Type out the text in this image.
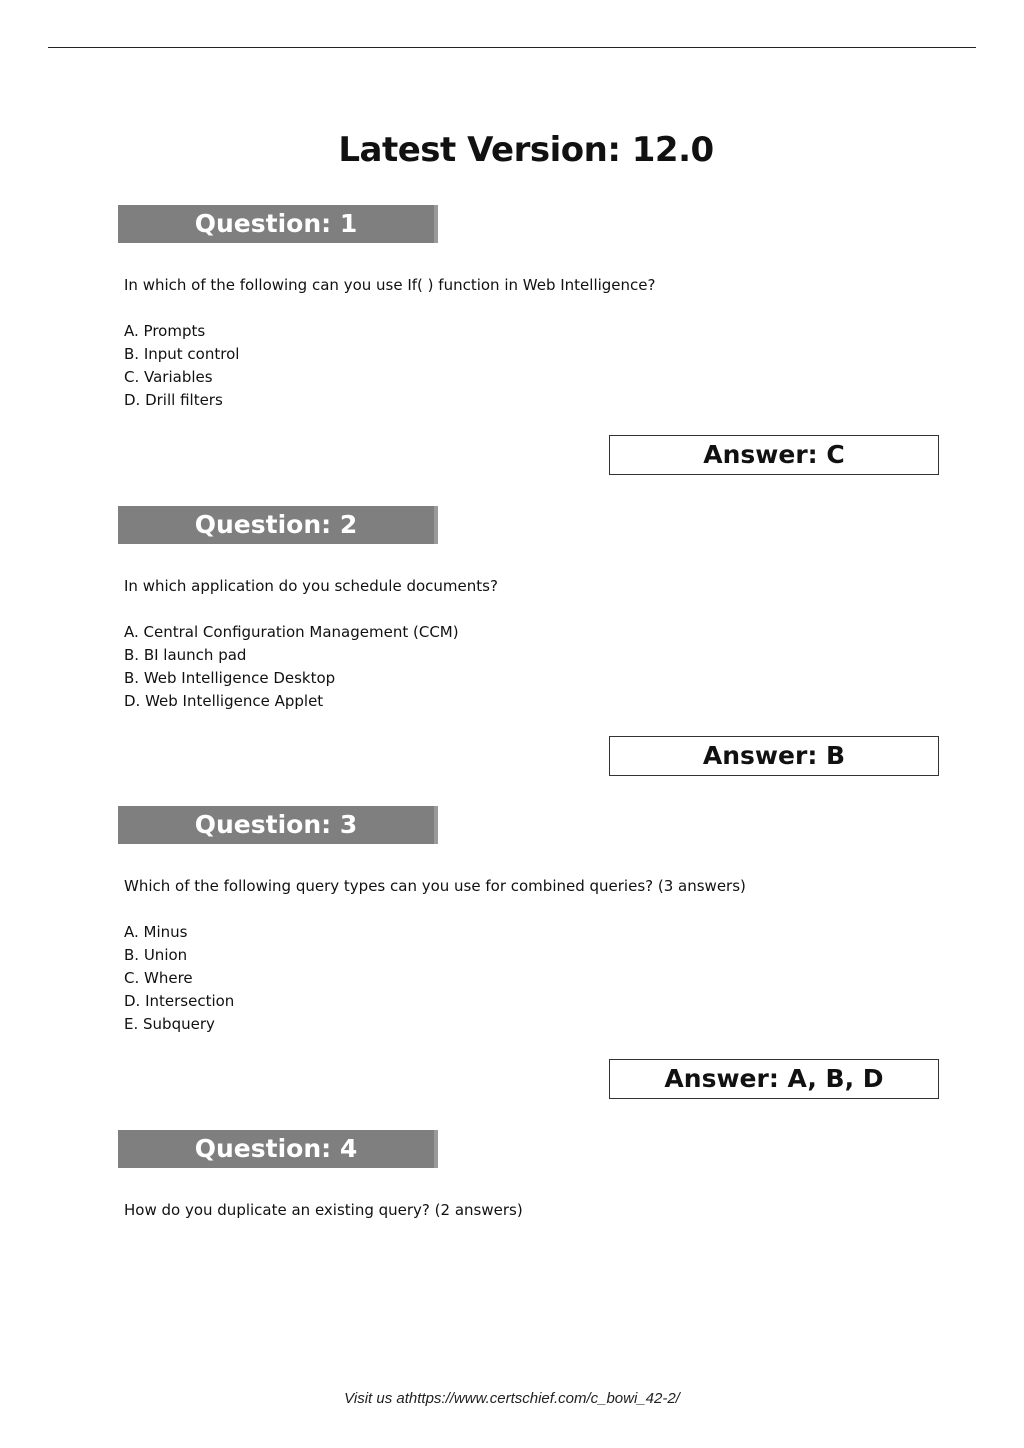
Latest Version: 12.0
Question: 1
In which of the following can you use If( ) function in Web Intelligence?
A. Prompts
B. Input control
C. Variables
D. Drill filters
Answer: C
Question: 2
In which application do you schedule documents?
A. Central Configuration Management (CCM)
B. BI launch pad
B. Web Intelligence Desktop
D. Web Intelligence Applet
Answer: B
Question: 3
Which of the following query types can you use for combined queries? (3 answers)
A. Minus
B. Union
C. Where
D. Intersection
E. Subquery
Answer: A, B, D
Question: 4
How do you duplicate an existing query? (2 answers)
Visit us athttps://www.certschief.com/c_bowi_42-2/
